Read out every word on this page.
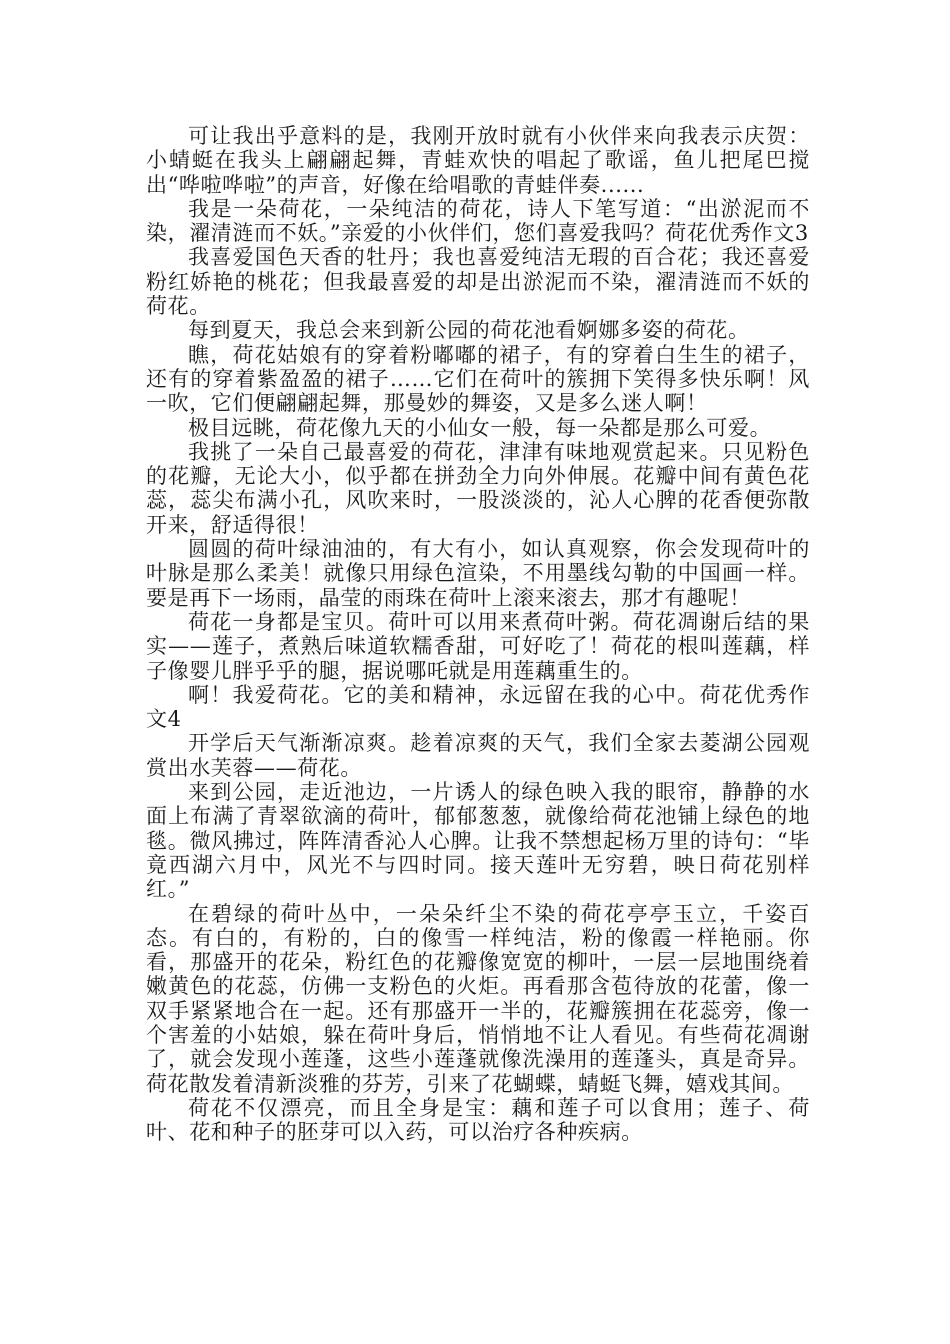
可让我出乎意料的是，我刚开放时就有小伙伴来向我表示庆贺：小蜻蜓在我头上翩翩起舞，青蛙欢快的唱起了歌谣，鱼儿把尾巴搅出“哗啦哗啦”的声音，好像在给唱歌的青蛙伴奏......

我是一朵荷花，一朵纯洁的荷花，诗人下笔写道：“出淤泥而不染，濯清涟而不妖。”亲爱的小伙伴们，您们喜爱我吗？荷花优秀作文3

我喜爱国色天香的牡丹；我也喜爱纯洁无瑕的百合花；我还喜爱粉红娇艳的桃花；但我最喜爱的却是出淤泥而不染，濯清涟而不妖的荷花。

每到夏天，我总会来到新公园的荷花池看婀娜多姿的荷花。

瞧，荷花姑娘有的穿着粉嘟嘟的裙子，有的穿着白生生的裙子，还有的穿着紫盈盈的裙子……它们在荷叶的簇拥下笑得多快乐啊！风一吹，它们便翩翩起舞，那曼妙的舞姿，又是多么迷人啊！

极目远眺，荷花像九天的小仙女一般，每一朵都是那么可爱。

我挑了一朵自己最喜爱的荷花，津津有味地观赏起来。只见粉色的花瓣，无论大小，似乎都在拼劲全力向外伸展。花瓣中间有黄色花蕊，蕊尖布满小孔，风吹来时，一股淡淡的，沁人心脾的花香便弥散开来，舒适得很！

圆圆的荷叶绿油油的，有大有小，如认真观察，你会发现荷叶的叶脉是那么柔美！就像只用绿色渲染，不用墨线勾勒的中国画一样。要是再下一场雨，晶莹的雨珠在荷叶上滚来滚去，那才有趣呢！

荷花一身都是宝贝。荷叶可以用来煮荷叶粥。荷花凋谢后结的果实——莲子，煮熟后味道软糯香甜，可好吃了！荷花的根叫莲藕，样子像婴儿胖乎乎的腿，据说哪吒就是用莲藕重生的。

啊！我爱荷花。它的美和精神，永远留在我的心中。荷花优秀作文4

开学后天气渐渐凉爽。趁着凉爽的天气，我们全家去菱湖公园观赏出水芙蓉——荷花。

来到公园，走近池边，一片诱人的绿色映入我的眼帘，静静的水面上布满了青翠欲滴的荷叶，郁郁葱葱，就像给荷花池铺上绿色的地毯。微风拂过，阵阵清香沁人心脾。让我不禁想起杨万里的诗句：“毕竟西湖六月中，风光不与四时同。接天莲叶无穷碧，映日荷花别样红。”

在碧绿的荷叶丛中，一朵朵纤尘不染的荷花亭亭玉立，千姿百态。有白的，有粉的，白的像雪一样纯洁，粉的像霞一样艳丽。你看，那盛开的花朵，粉红色的花瓣像宽宽的柳叶，一层一层地围绕着嫩黄色的花蕊，仿佛一支粉色的火炬。再看那含苞待放的花蕾，像一双手紧紧地合在一起。还有那盛开一半的，花瓣簇拥在花蕊旁，像一个害羞的小姑娘，躲在荷叶身后，悄悄地不让人看见。有些荷花凋谢了，就会发现小莲蓬，这些小莲蓬就像洗澡用的莲蓬头，真是奇异。荷花散发着清新淡雅的芬芳，引来了花蝴蝶，蜻蜓飞舞，嬉戏其间。

荷花不仅漂亮，而且全身是宝：藕和莲子可以食用；莲子、荷叶、花和种子的胚芽可以入药，可以治疗各种疾病。
